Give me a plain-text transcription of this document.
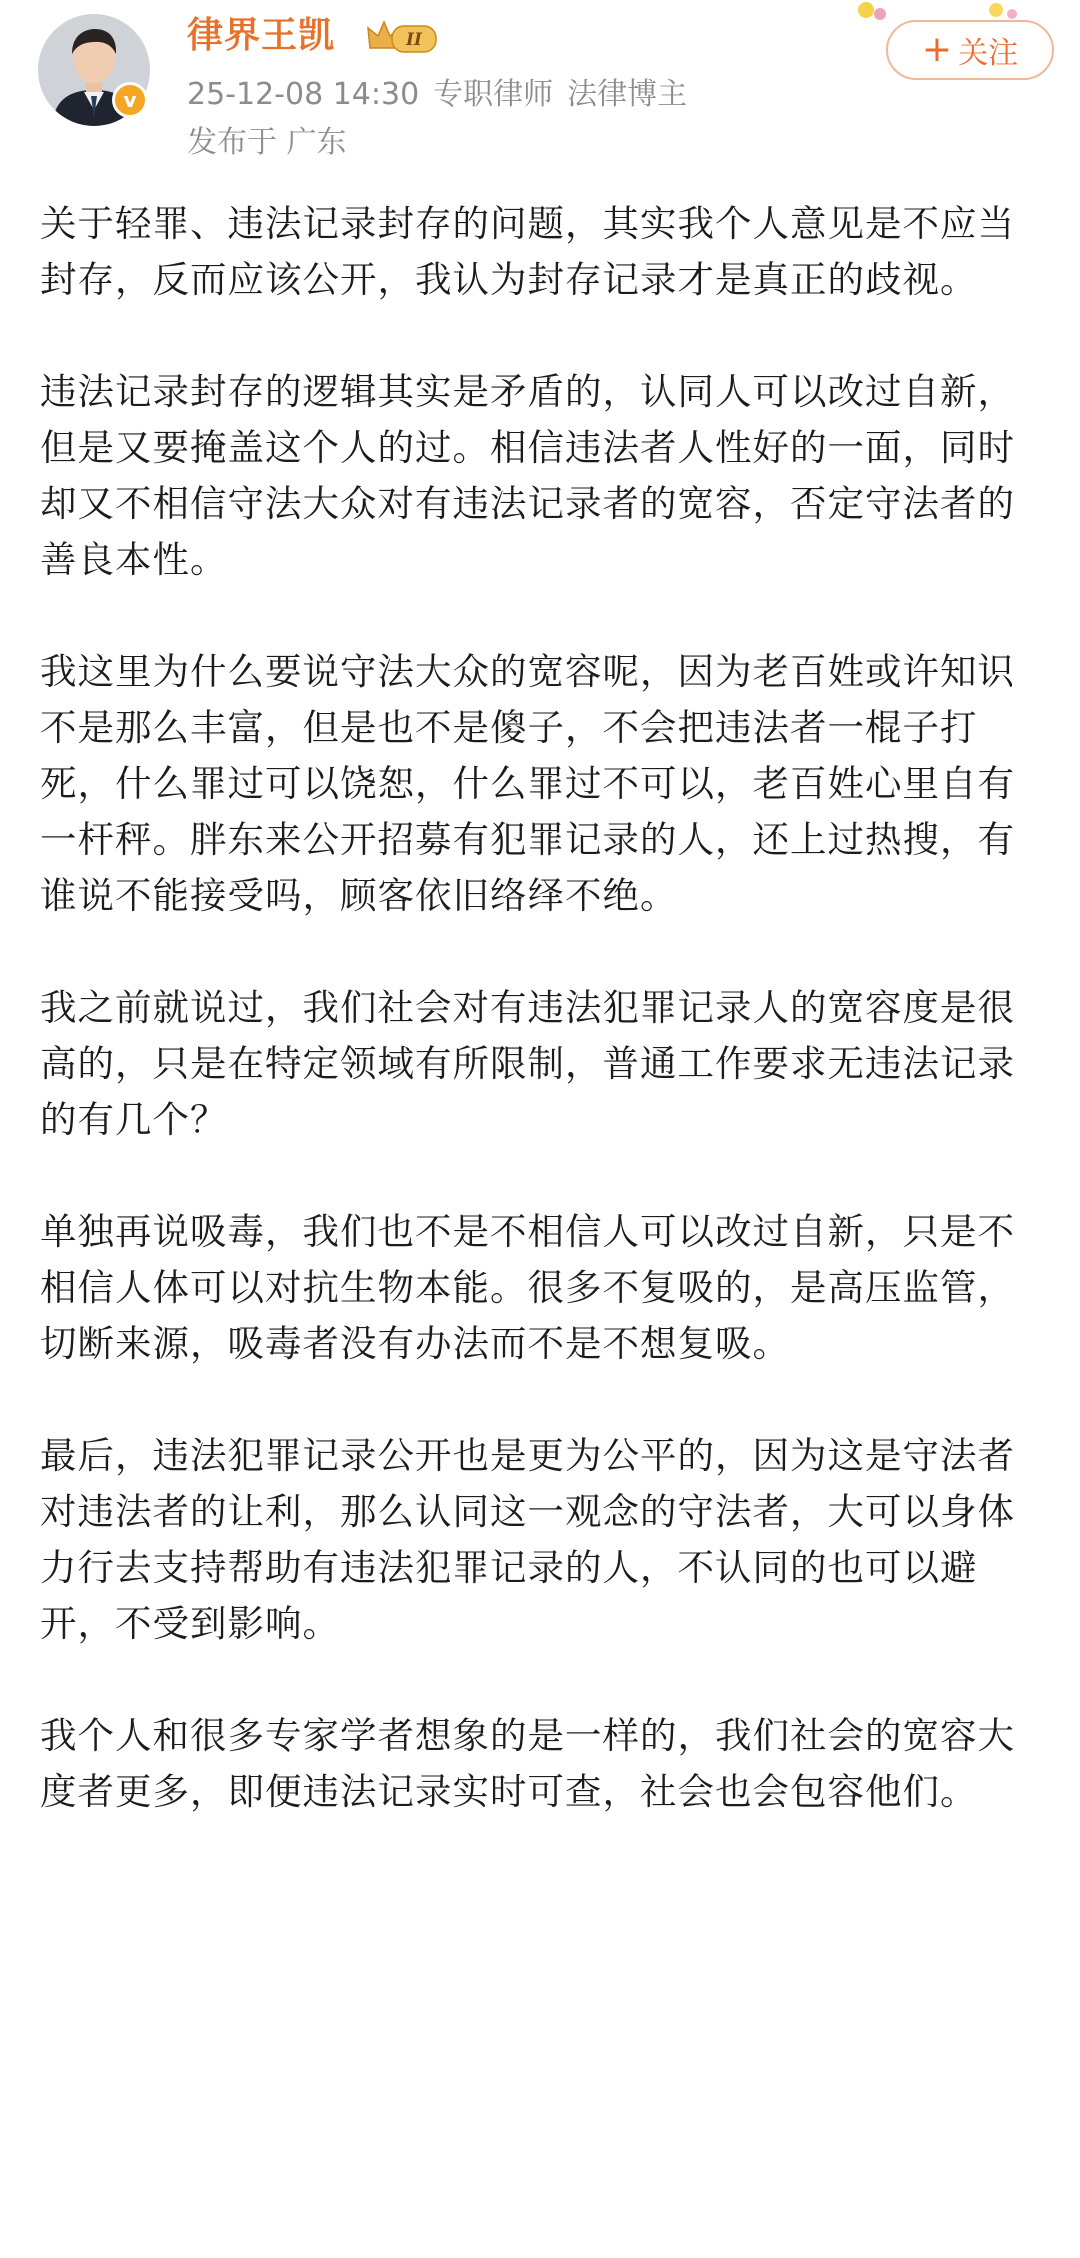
v
律界王凯	II
25-12-08 14:30 专职律师 法律博主
发布于 广东
+ 关注

关于轻罪、违法记录封存的问题，其实我个人意见是不应当封存，反而应该公开，我认为封存记录才是真正的歧视。

违法记录封存的逻辑其实是矛盾的，认同人可以改过自新，但是又要掩盖这个人的过。相信违法者人性好的一面，同时却又不相信守法大众对有违法记录者的宽容，否定守法者的善良本性。

我这里为什么要说守法大众的宽容呢，因为老百姓或许知识不是那么丰富，但是也不是傻子，不会把违法者一棍子打死，什么罪过可以饶恕，什么罪过不可以，老百姓心里自有一杆秤。胖东来公开招募有犯罪记录的人，还上过热搜，有谁说不能接受吗，顾客依旧络绎不绝。

我之前就说过，我们社会对有违法犯罪记录人的宽容度是很高的，只是在特定领域有所限制，普通工作要求无违法记录的有几个？

单独再说吸毒，我们也不是不相信人可以改过自新，只是不相信人体可以对抗生物本能。很多不复吸的，是高压监管，切断来源，吸毒者没有办法而不是不想复吸。

最后，违法犯罪记录公开也是更为公平的，因为这是守法者对违法者的让利，那么认同这一观念的守法者，大可以身体力行去支持帮助有违法犯罪记录的人，不认同的也可以避开，不受到影响。

我个人和很多专家学者想象的是一样的，我们社会的宽容大度者更多，即便违法记录实时可查，社会也会包容他们。
